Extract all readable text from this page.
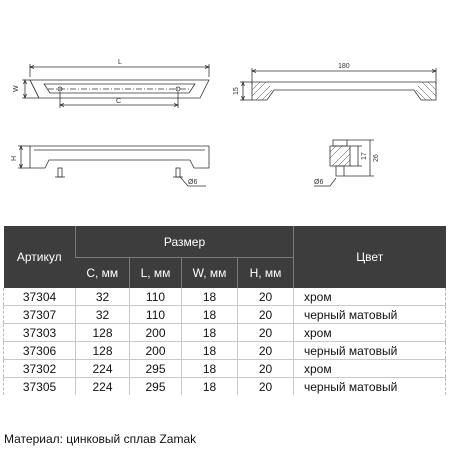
L
C
W
180
15
H
Ø6
17 26
Ø6
Артикул	Размер				Цвет
	C, мм	L, мм	W, мм	H, мм	
37304	32	110	18	20	хром
37307	32	110	18	20	черный матовый
37303	128	200	18	20	хром
37306	128	200	18	20	черный матовый
37302	224	295	18	20	хром
37305	224	295	18	20	черный матовый
Материал: цинковый сплав Zamak
